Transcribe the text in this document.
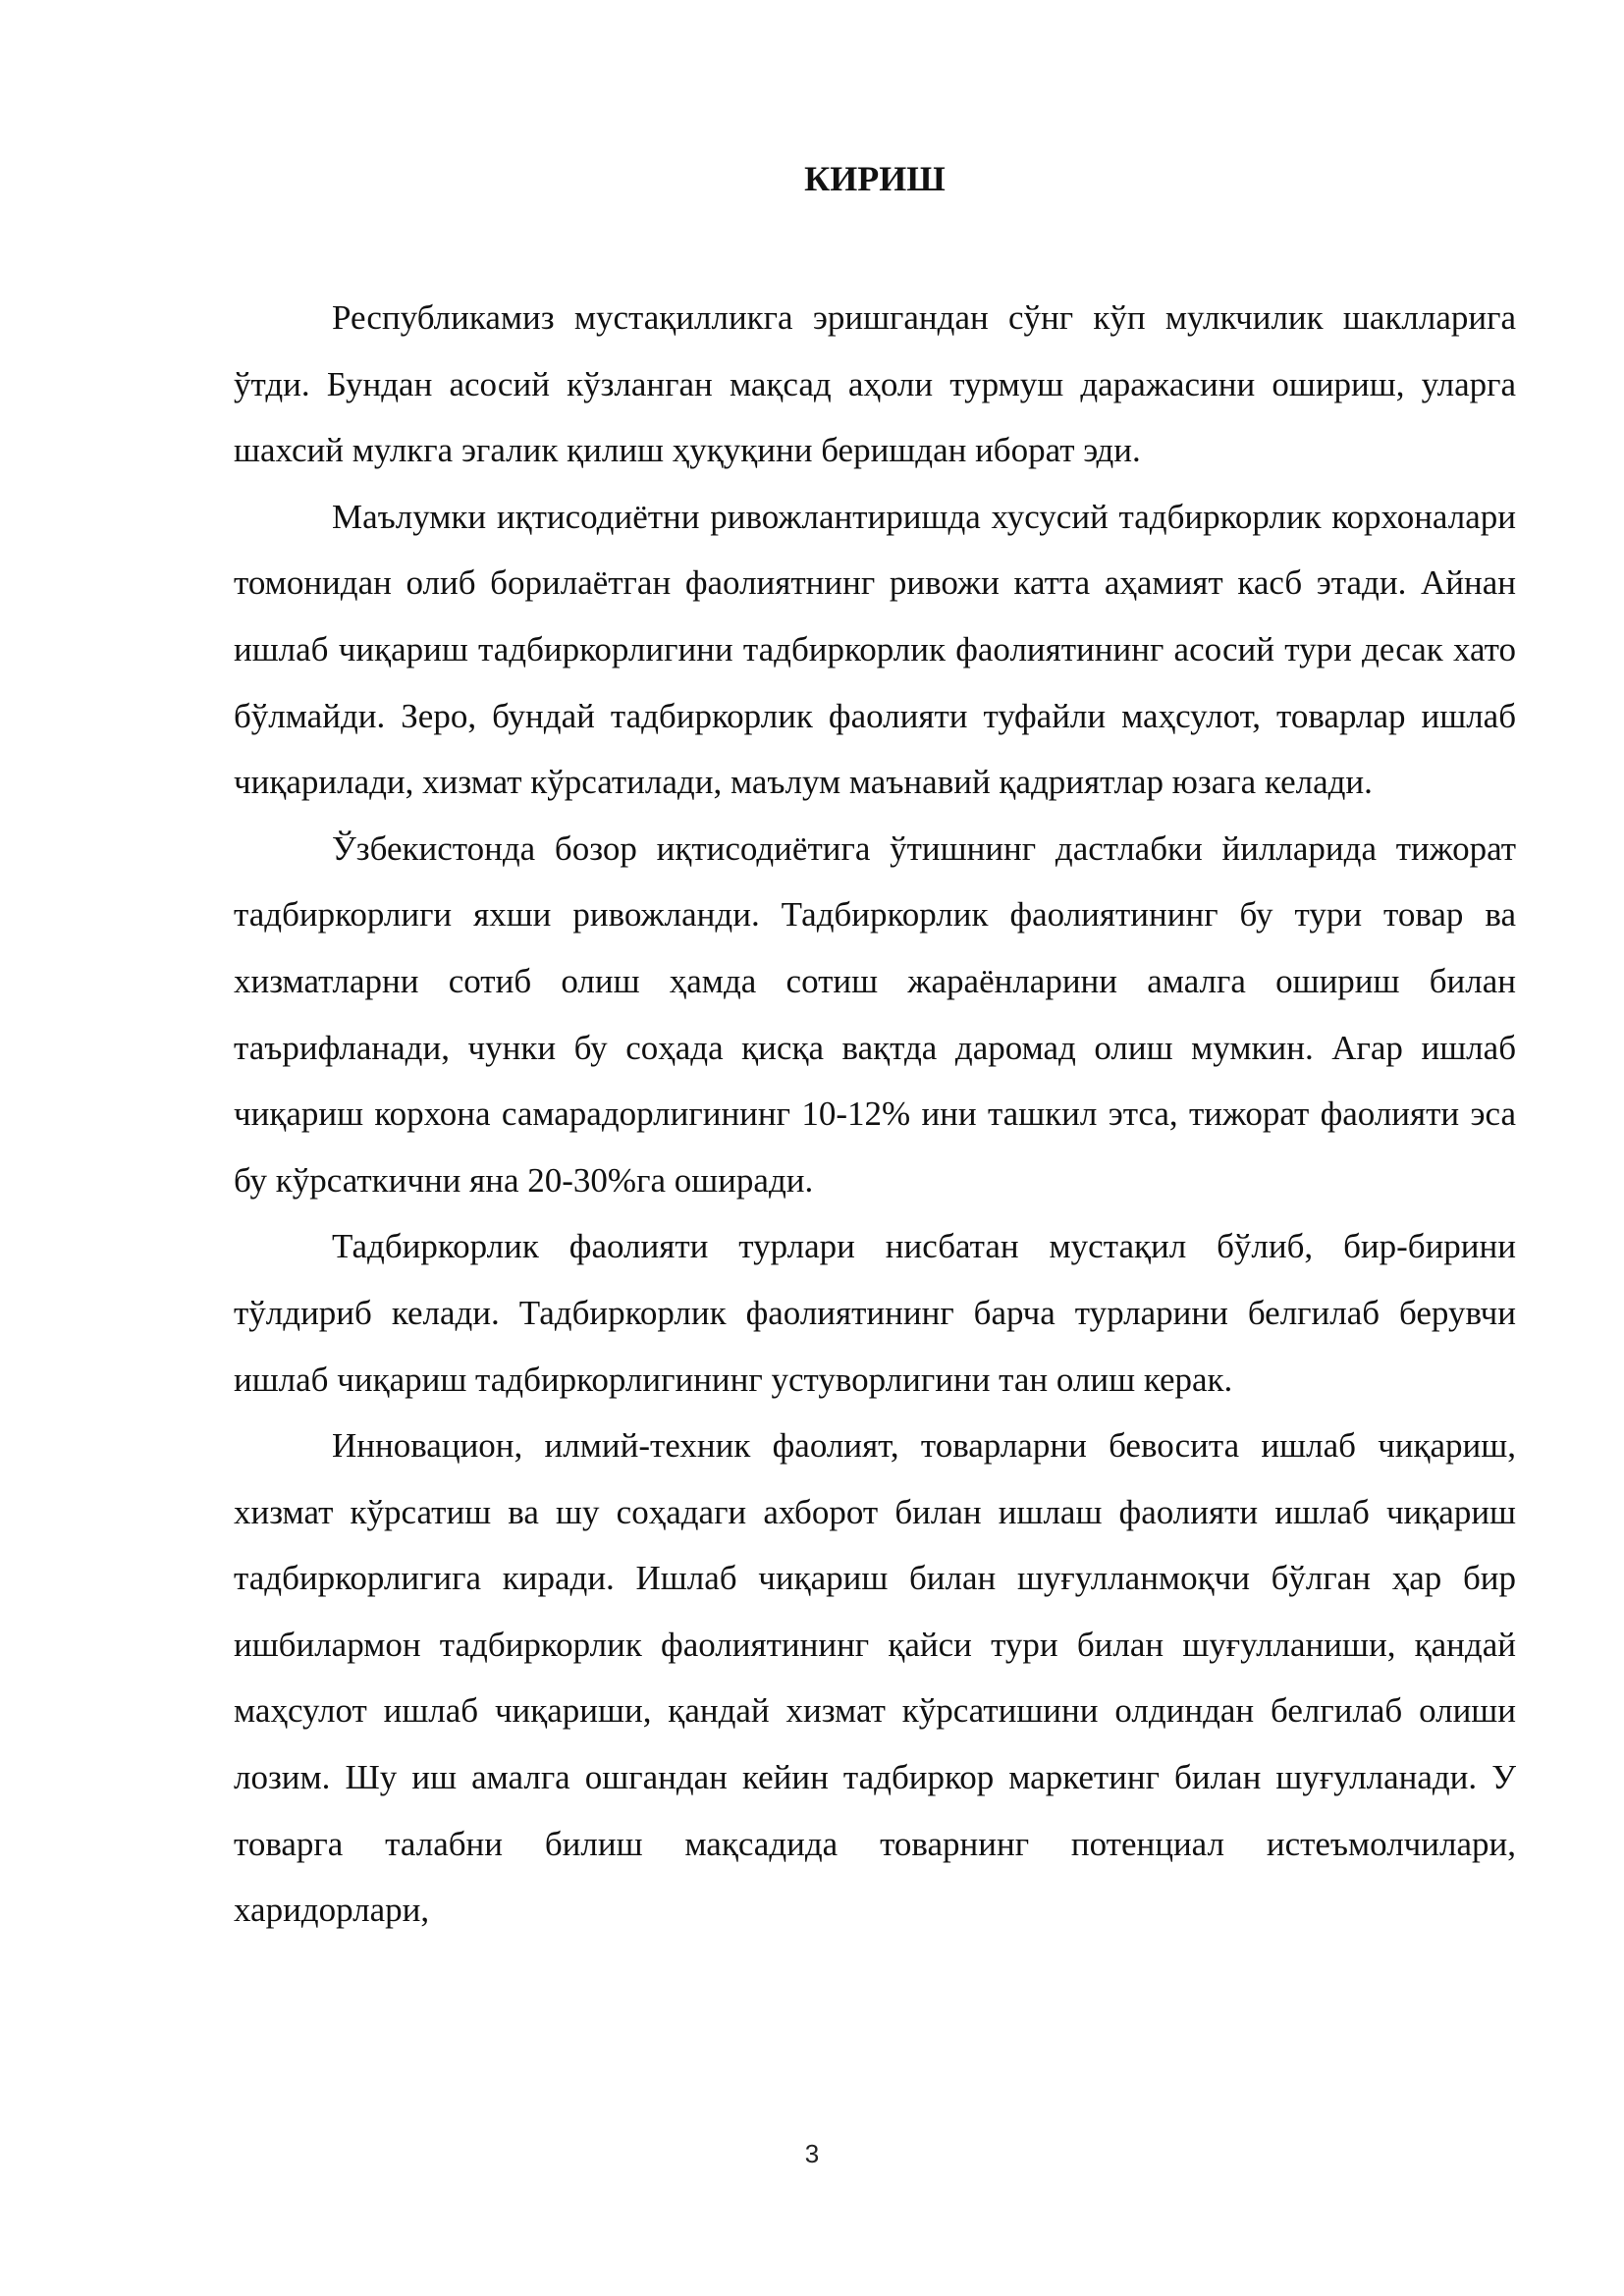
КИРИШ

Республикамиз мустақилликга эришгандан сўнг кўп мулкчилик шаклларига ўтди. Бундан асосий кўзланган мақсад аҳоли турмуш даражасини ошириш, уларга шахсий мулкга эгалик қилиш ҳуқуқини беришдан иборат эди.

Маълумки иқтисодиётни ривожлантиришда хусусий тадбиркорлик корхоналари томонидан олиб борилаётган фаолиятнинг ривожи катта аҳамият касб этади. Айнан ишлаб чиқариш тадбиркорлигини тадбиркорлик фаолиятининг асосий тури десак хато бўлмайди. Зеро, бундай тадбиркорлик фаолияти туфайли маҳсулот, товарлар ишлаб чиқарилади, хизмат кўрсатилади, маълум маънавий қадриятлар юзага келади.

Ўзбекистонда бозор иқтисодиётига ўтишнинг дастлабки йилларида тижорат тадбиркорлиги яхши ривожланди. Тадбиркорлик фаолиятининг бу тури товар ва хизматларни сотиб олиш ҳамда сотиш жараёнларини амалга ошириш билан таърифланади, чунки бу соҳада қисқа вақтда даромад олиш мумкин. Агар ишлаб чиқариш корхона самарадорлигининг 10-12% ини ташкил этса, тижорат фаолияти эса бу кўрсаткични яна 20-30%га оширади.

Тадбиркорлик фаолияти турлари нисбатан мустақил бўлиб, бир-бирини тўлдириб келади. Тадбиркорлик фаолиятининг барча турларини белгилаб берувчи ишлаб чиқариш тадбиркорлигининг устуворлигини тан олиш керак.

Инновацион, илмий-техник фаолият, товарларни бевосита ишлаб чиқариш, хизмат кўрсатиш ва шу соҳадаги ахборот билан ишлаш фаолияти ишлаб чиқариш тадбиркорлигига киради. Ишлаб чиқариш билан шуғулланмоқчи бўлган ҳар бир ишбилармон тадбиркорлик фаолиятининг қайси тури билан шуғулланиши, қандай маҳсулот ишлаб чиқариши, қандай хизмат кўрсатишини олдиндан белгилаб олиши лозим. Шу иш амалга ошгандан кейин тадбиркор маркетинг билан шуғулланади. У товарга талабни билиш мақсадида товарнинг потенциал истеъмолчилари, харидорлари,

3
